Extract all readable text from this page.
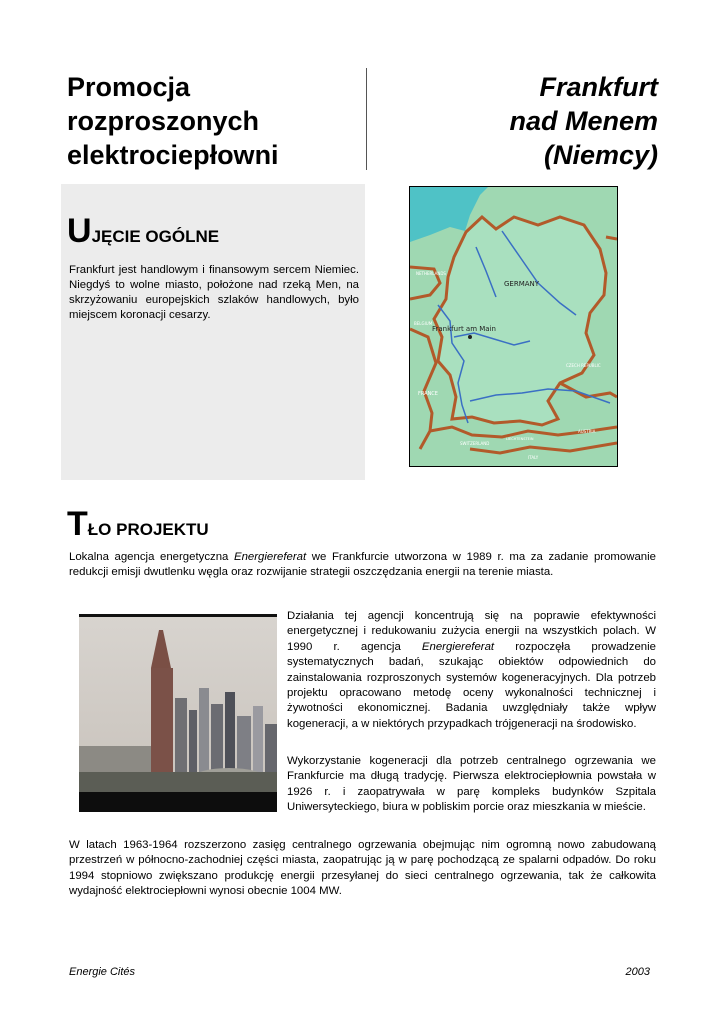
Promocja
rozproszonych
elektrociepłowni
Frankfurt
nad Menem
(Niemcy)
UJĘCIE OGÓLNE
Frankfurt jest handlowym i finansowym sercem Niemiec. Niegdyś to wolne miasto, położone nad rzeką Men, na skrzyżowaniu europejskich szlaków handlowych, było miejscem koronacji cesarzy.
GERMANY
Frankfurt am Main
NETHERLANDS
BELGIUM
FRANCE
CZECH REPUBLIC
AUSTRIA
LIECHTENSTEIN
SWITZERLAND
ITALY
TŁO PROJEKTU
Lokalna agencja energetyczna Energiereferat we Frankfurcie utworzona w 1989 r. ma za zadanie promowanie redukcji emisji dwutlenku węgla oraz rozwijanie strategii oszczędzania energii na terenie miasta.
Działania tej agencji koncentrują się na poprawie efektywności energetycznej i redukowaniu zużycia energii na wszystkich polach. W 1990 r. agencja Energiereferat rozpoczęła prowadzenie systematycznych badań, szukając obiektów odpowiednich do zainstalowania rozproszonych systemów kogeneracyjnych. Dla potrzeb projektu opracowano metodę oceny wykonalności technicznej i żywotności ekonomicznej. Badania uwzględniały także wpływ kogeneracji, a w niektórych przypadkach trójgeneracji na środowisko.
Wykorzystanie kogeneracji dla potrzeb centralnego ogrzewania we Frankfurcie ma długą tradycję. Pierwsza elektrociepłownia powstała w 1926 r. i zaopatrywała w parę kompleks budynków Szpitala Uniwersyteckiego, biura w pobliskim porcie oraz mieszkania w mieście.
W latach 1963-1964 rozszerzono zasięg centralnego ogrzewania obejmując nim ogromną nowo zabudowaną przestrzeń w północno-zachodniej części miasta, zaopatrując ją w parę pochodzącą ze spalarni odpadów. Do roku 1994 stopniowo zwiększano produkcję energii przesyłanej do sieci centralnego ogrzewania, tak że całkowita wydajność elektrociepłowni wynosi obecnie 1004 MW.
Energie Cités	2003
